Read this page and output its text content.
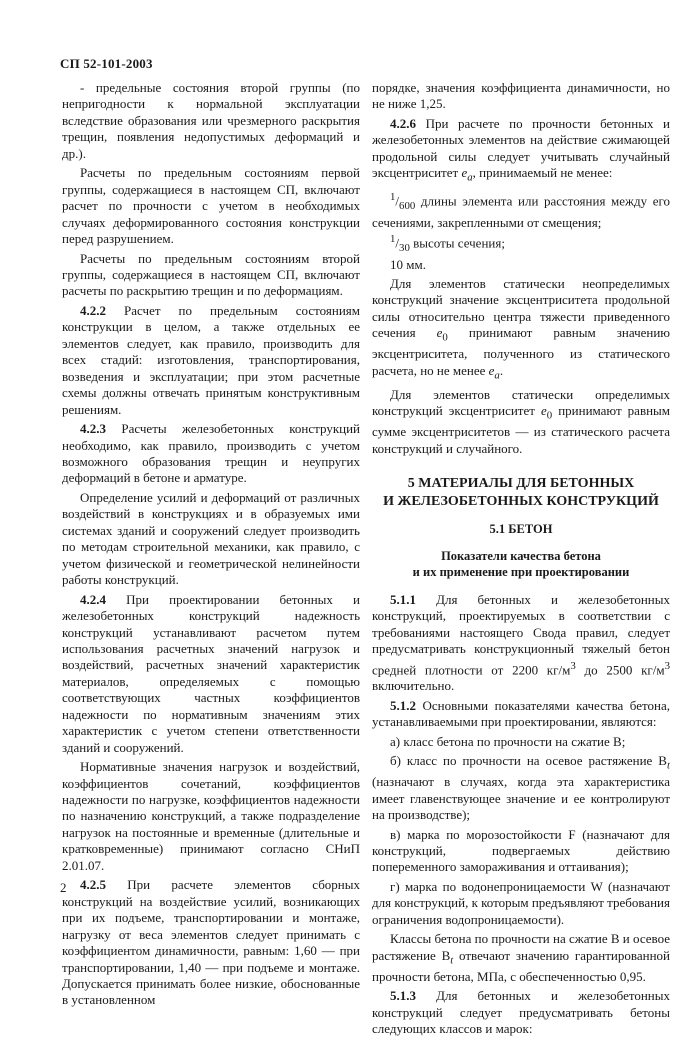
СП 52-101-2003

- предельные состояния второй группы (по непригодности к нормальной эксплуатации вследствие образования или чрезмерного раскрытия трещин, появления недопустимых деформаций и др.).

Расчеты по предельным состояниям первой группы, содержащиеся в настоящем СП, включают расчет по прочности с учетом в необходимых случаях деформированного состояния конструкции перед разрушением.

Расчеты по предельным состояниям второй группы, содержащиеся в настоящем СП, включают расчеты по раскрытию трещин и по деформациям.

4.2.2 Расчет по предельным состояниям конструкции в целом, а также отдельных ее элементов следует, как правило, производить для всех стадий: изготовления, транспортирования, возведения и эксплуатации; при этом расчетные схемы должны отвечать принятым конструктивным решениям.

4.2.3 Расчеты железобетонных конструкций необходимо, как правило, производить с учетом возможного образования трещин и неупругих деформаций в бетоне и арматуре.

Определение усилий и деформаций от различных воздействий в конструкциях и в образуемых ими системах зданий и сооружений следует производить по методам строительной механики, как правило, с учетом физической и геометрической нелинейности работы конструкций.

4.2.4 При проектировании бетонных и железобетонных конструкций надежность конструкций устанавливают расчетом путем использования расчетных значений нагрузок и воздействий, расчетных значений характеристик материалов, определяемых с помощью соответствующих частных коэффициентов надежности по нормативным значениям этих характеристик с учетом степени ответственности зданий и сооружений.

Нормативные значения нагрузок и воздействий, коэффициентов сочетаний, коэффициентов надежности по нагрузке, коэффициентов надежности по назначению конструкций, а также подразделение нагрузок на постоянные и временные (длительные и кратковременные) принимают согласно СНиП 2.01.07.

4.2.5 При расчете элементов сборных конструкций на воздействие усилий, возникающих при их подъеме, транспортировании и монтаже, нагрузку от веса элементов следует принимать с коэффициентом динамичности, равным: 1,60 — при транспортировании, 1,40 — при подъеме и монтаже. Допускается принимать более низкие, обоснованные в установленном

порядке, значения коэффициента динамичности, но не ниже 1,25.

4.2.6 При расчете по прочности бетонных и железобетонных элементов на действие сжимающей продольной силы следует учитывать случайный эксцентриситет $e_a$, принимаемый не менее:

$^1/_{600}$ длины элемента или расстояния между его сечениями, закрепленными от смещения;

$^1/_{30}$ высоты сечения;

10 мм.

Для элементов статически неопределимых конструкций значение эксцентриситета продольной силы относительно центра тяжести приведенного сечения $e_0$ принимают равным значению эксцентриситета, полученного из статического расчета, но не менее $e_a$.

Для элементов статически определимых конструкций эксцентриситет $e_0$ принимают равным сумме эксцентриситетов — из статического расчета конструкций и случайного.

5 МАТЕРИАЛЫ ДЛЯ БЕТОННЫХ
И ЖЕЛЕЗОБЕТОННЫХ КОНСТРУКЦИЙ
5.1 БЕТОН
Показатели качества бетона
и их применение при проектировании

5.1.1 Для бетонных и железобетонных конструкций, проектируемых в соответствии с требованиями настоящего Свода правил, следует предусматривать конструкционный тяжелый бетон средней плотности от 2200 $кг/м^3$ до 2500 $кг/м^3$ включительно.

5.1.2 Основными показателями качества бетона, устанавливаемыми при проектировании, являются:

а) класс бетона по прочности на сжатие В;

б) класс по прочности на осевое растяжение $B_t$ (назначают в случаях, когда эта характеристика имеет главенствующее значение и ее контролируют на производстве);

в) марка по морозостойкости F (назначают для конструкций, подвергаемых действию попеременного замораживания и оттаивания);

г) марка по водонепроницаемости W (назначают для конструкций, к которым предъявляют требования ограничения водопроницаемости).

Классы бетона по прочности на сжатие В и осевое растяжение $B_t$ отвечают значению гарантированной прочности бетона, МПа, с обеспеченностью 0,95.

5.1.3 Для бетонных и железобетонных конструкций следует предусматривать бетоны следующих классов и марок:

2
